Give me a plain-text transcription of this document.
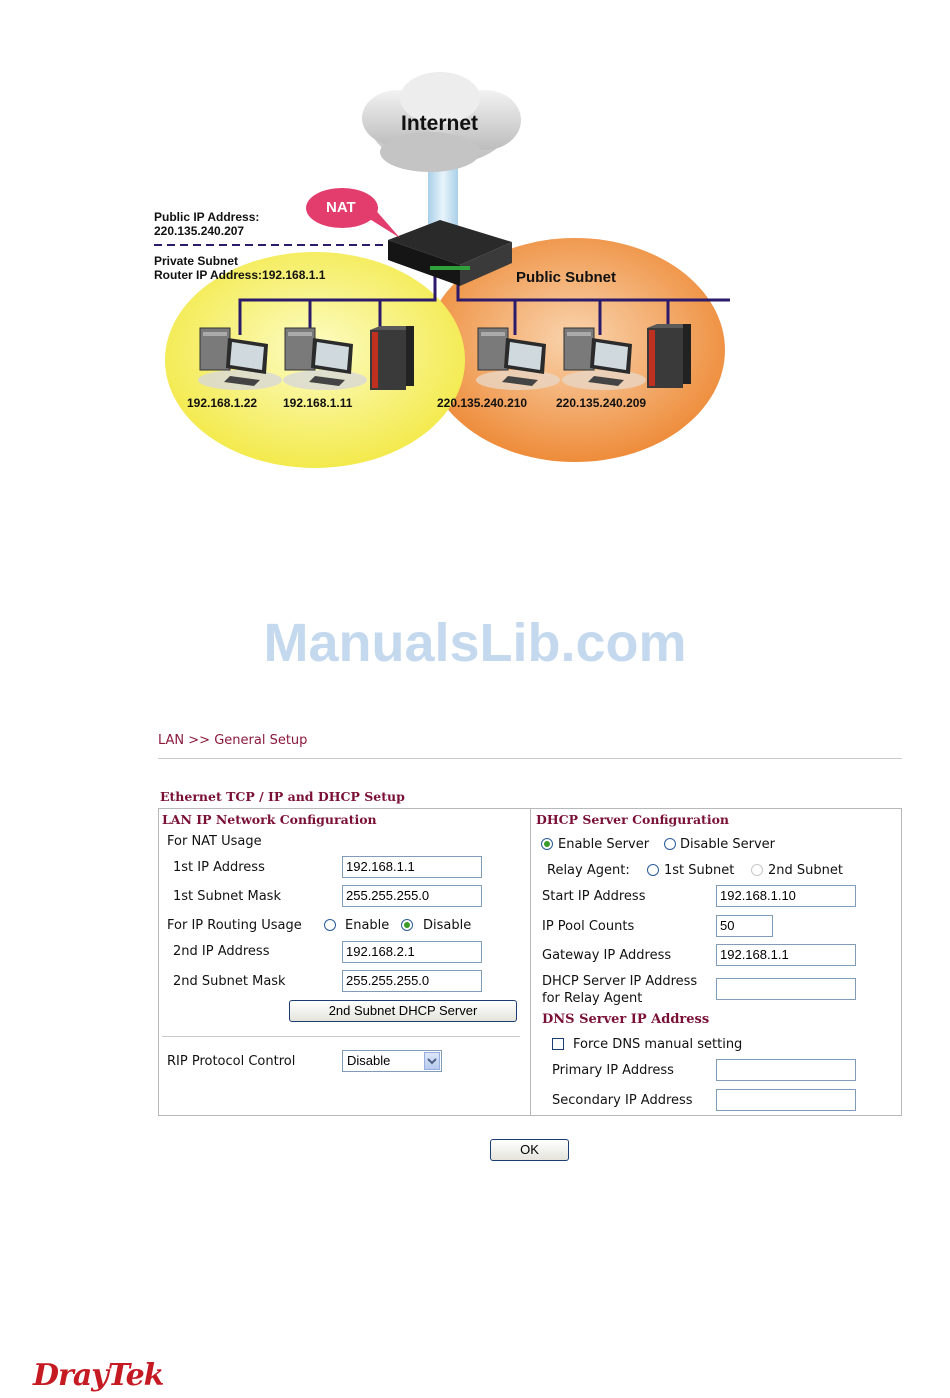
Internet
NAT
Public IP Address:
220.135.240.207
Private Subnet
Router IP Address:192.168.1.1	Public Subnet
192.168.1.22 192.168.1.11	220.135.240.210 220.135.240.209
ManualsLib.com
LAN >> General Setup
Ethernet TCP / IP and DHCP Setup
LAN IP Network Configuration
For NAT Usage
1st IP Address	192.168.1.1
1st Subnet Mask	255.255.255.0
For IP Routing Usage	Enable	Disable
2nd IP Address	192.168.2.1
2nd Subnet Mask	255.255.255.0
2nd Subnet DHCP Server
RIP Protocol Control	Disable
DHCP Server Configuration
Enable Server Disable Server
Relay Agent:	1st Subnet	2nd Subnet
Start IP Address	192.168.1.10
IP Pool Counts	50
Gateway IP Address	192.168.1.1
DHCP Server IP Address
for Relay Agent
DNS Server IP Address
Force DNS manual setting
Primary IP Address
Secondary IP Address
OK
DrayTek
